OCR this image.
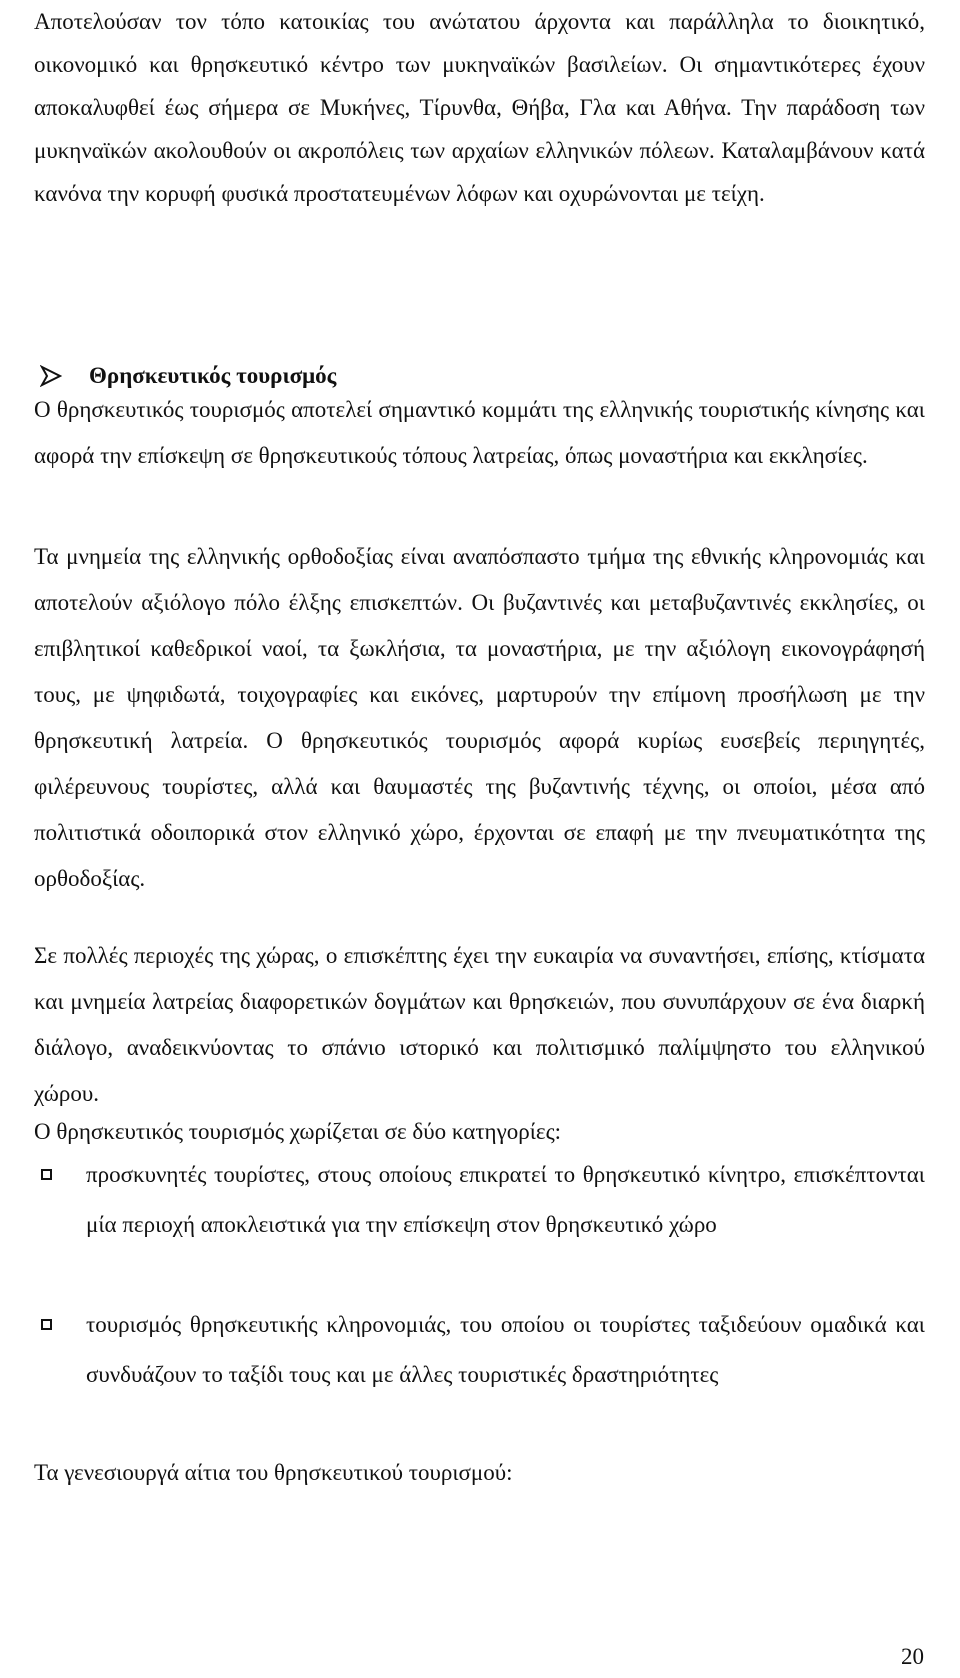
Αποτελούσαν τον τόπο κατοικίας του ανώτατου άρχοντα και παράλληλα το διοικητικό, οικονομικό και θρησκευτικό κέντρο των μυκηναϊκών βασιλείων. Οι σημαντικότερες έχουν αποκαλυφθεί έως σήμερα σε Μυκήνες, Τίρυνθα, Θήβα, Γλα και Αθήνα. Την παράδοση των μυκηναϊκών ακολουθούν οι ακροπόλεις των αρχαίων ελληνικών πόλεων. Καταλαμβάνουν κατά κανόνα την κορυφή φυσικά προστατευμένων λόφων και οχυρώνονται με τείχη.

Θρησκευτικός τουρισμός

Ο θρησκευτικός τουρισμός αποτελεί σημαντικό κομμάτι της ελληνικής τουριστικής κίνησης και αφορά την επίσκεψη σε θρησκευτικούς τόπους λατρείας, όπως μοναστήρια και εκκλησίες.

Τα μνημεία της ελληνικής ορθοδοξίας είναι αναπόσπαστο τμήμα της εθνικής κληρονομιάς και αποτελούν αξιόλογο πόλο έλξης επισκεπτών. Οι βυζαντινές και μεταβυζαντινές εκκλησίες, οι επιβλητικοί καθεδρικοί ναοί, τα ξωκλήσια, τα μοναστήρια, με την αξιόλογη εικονογράφησή τους, με ψηφιδωτά, τοιχογραφίες και εικόνες, μαρτυρούν την επίμονη προσήλωση με την θρησκευτική λατρεία. Ο θρησκευτικός τουρισμός αφορά κυρίως ευσεβείς περιηγητές, φιλέρευνους τουρίστες, αλλά και θαυμαστές της βυζαντινής τέχνης, οι οποίοι, μέσα από πολιτιστικά οδοιπορικά στον ελληνικό χώρο, έρχονται σε επαφή με την πνευματικότητα της ορθοδοξίας.

Σε πολλές περιοχές της χώρας, ο επισκέπτης έχει την ευκαιρία να συναντήσει, επίσης, κτίσματα και μνημεία λατρείας διαφορετικών δογμάτων και θρησκειών, που συνυπάρχουν σε ένα διαρκή διάλογο, αναδεικνύοντας το σπάνιο ιστορικό και πολιτισμικό παλίμψηστο του ελληνικού χώρου.

Ο θρησκευτικός τουρισμός χωρίζεται σε δύο κατηγορίες:

προσκυνητές τουρίστες, στους οποίους επικρατεί το θρησκευτικό κίνητρο, επισκέπτονται μία περιοχή αποκλειστικά για την επίσκεψη στον θρησκευτικό χώρο

τουρισμός θρησκευτικής κληρονομιάς, του οποίου οι τουρίστες ταξιδεύουν ομαδικά και συνδυάζουν το ταξίδι τους και με άλλες τουριστικές δραστηριότητες

Τα γενεσιουργά αίτια του θρησκευτικού τουρισμού:

20
